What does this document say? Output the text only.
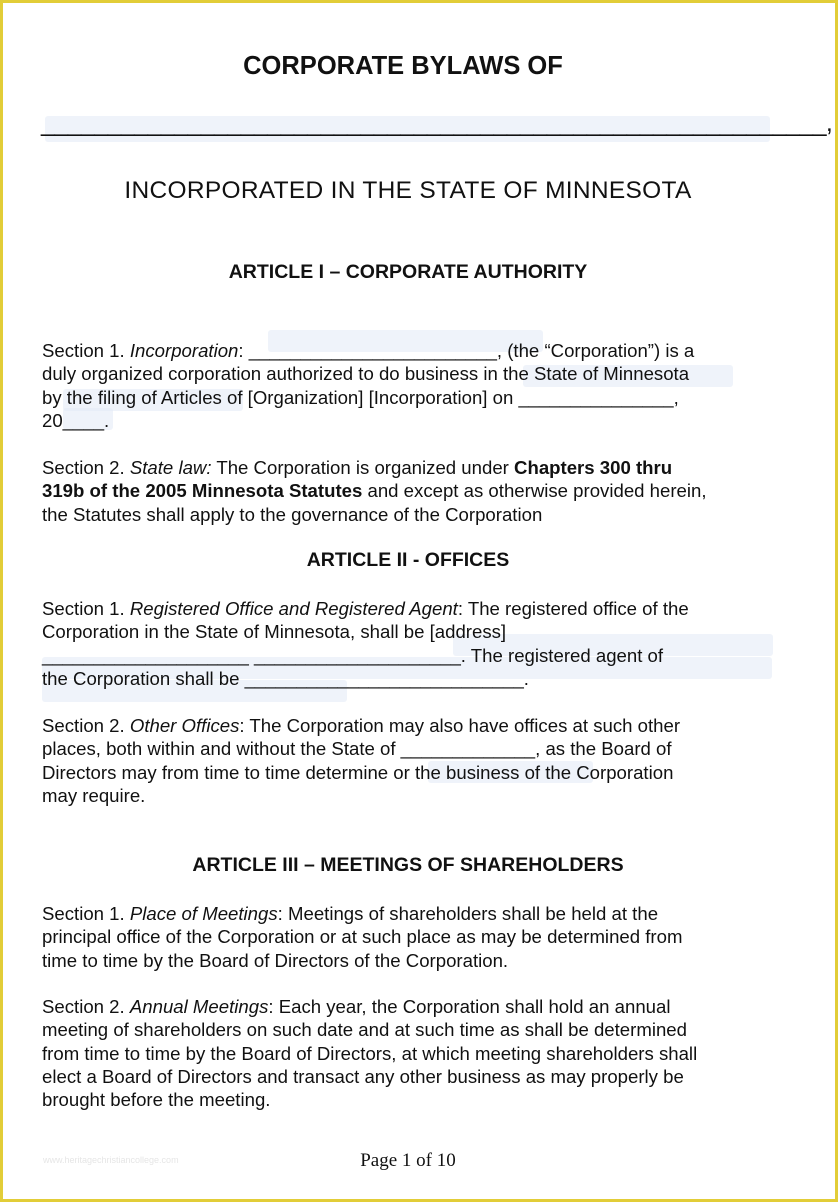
CORPORATE BYLAWS OF
___________________________________________________________,
INCORPORATED IN THE STATE OF MINNESOTA
ARTICLE I – CORPORATE AUTHORITY
Section 1. Incorporation: ________________________, (the “Corporation”) is a
duly organized corporation authorized to do business in the State of Minnesota
by the filing of Articles of [Organization] [Incorporation] on _______________,
20____.
Section 2. State law: The Corporation is organized under Chapters 300 thru
319b of the 2005 Minnesota Statutes and except as otherwise provided herein,
the Statutes shall apply to the governance of the Corporation
ARTICLE II - OFFICES
Section 1. Registered Office and Registered Agent: The registered office of the
Corporation in the State of Minnesota, shall be [address]
____________________ ____________________. The registered agent of
the Corporation shall be ___________________________.
Section 2. Other Offices: The Corporation may also have offices at such other
places, both within and without the State of _____________, as the Board of
Directors may from time to time determine or the business of the Corporation
may require.
ARTICLE III – MEETINGS OF SHAREHOLDERS
Section 1. Place of Meetings: Meetings of shareholders shall be held at the
principal office of the Corporation or at such place as may be determined from
time to time by the Board of Directors of the Corporation.
Section 2. Annual Meetings: Each year, the Corporation shall hold an annual
meeting of shareholders on such date and at such time as shall be determined
from time to time by the Board of Directors, at which meeting shareholders shall
elect a Board of Directors and transact any other business as may properly be
brought before the meeting.
www.heritagechristiancollege.com	Page 1 of 10
